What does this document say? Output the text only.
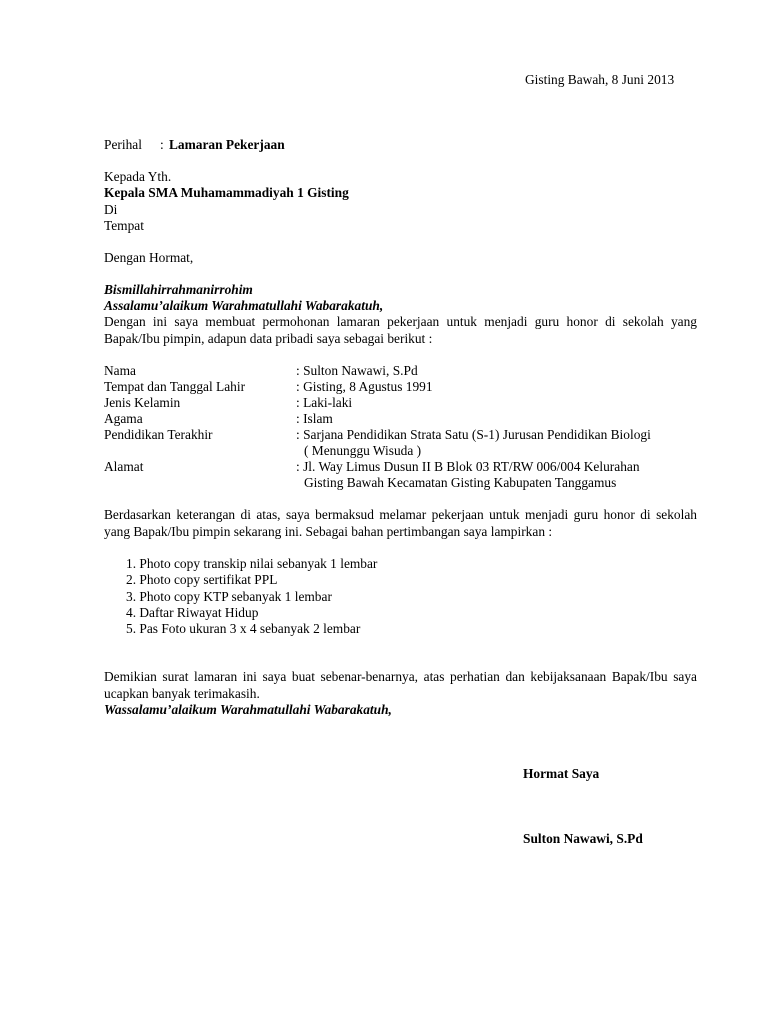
Gisting Bawah, 8 Juni 2013
Perihal : Lamaran Pekerjaan
Kepada Yth.
Kepala SMA Muhamammadiyah 1 Gisting
Di
Tempat
Dengan Hormat,
Bismillahirrahmanirrohim
Assalamu’alaikum Warahmatullahi Wabarakatuh,
Dengan ini saya membuat permohonan lamaran pekerjaan untuk menjadi guru honor di sekolah yang Bapak/Ibu pimpin, adapun data pribadi saya sebagai berikut :
Nama	: Sulton Nawawi, S.Pd
Tempat dan Tanggal Lahir	: Gisting, 8 Agustus 1991
Jenis Kelamin	: Laki-laki
Agama	: Islam
Pendidikan Terakhir	: Sarjana Pendidikan Strata Satu (S-1) Jurusan Pendidikan Biologi
( Menunggu Wisuda )
Alamat	: Jl. Way Limus Dusun II B Blok 03 RT/RW 006/004 Kelurahan
Gisting Bawah Kecamatan Gisting Kabupaten Tanggamus
Berdasarkan keterangan di atas, saya bermaksud melamar pekerjaan untuk menjadi guru honor di sekolah yang Bapak/Ibu pimpin sekarang ini. Sebagai bahan pertimbangan saya lampirkan :
1. Photo copy transkip nilai sebanyak 1 lembar
2. Photo copy sertifikat PPL
3. Photo copy KTP sebanyak 1 lembar
4. Daftar Riwayat Hidup
5. Pas Foto ukuran 3 x 4 sebanyak 2 lembar
Demikian surat lamaran ini saya buat sebenar-benarnya, atas perhatian dan kebijaksanaan Bapak/Ibu saya ucapkan banyak terimakasih.
Wassalamu’alaikum Warahmatullahi Wabarakatuh,
Hormat Saya
Sulton Nawawi, S.Pd
